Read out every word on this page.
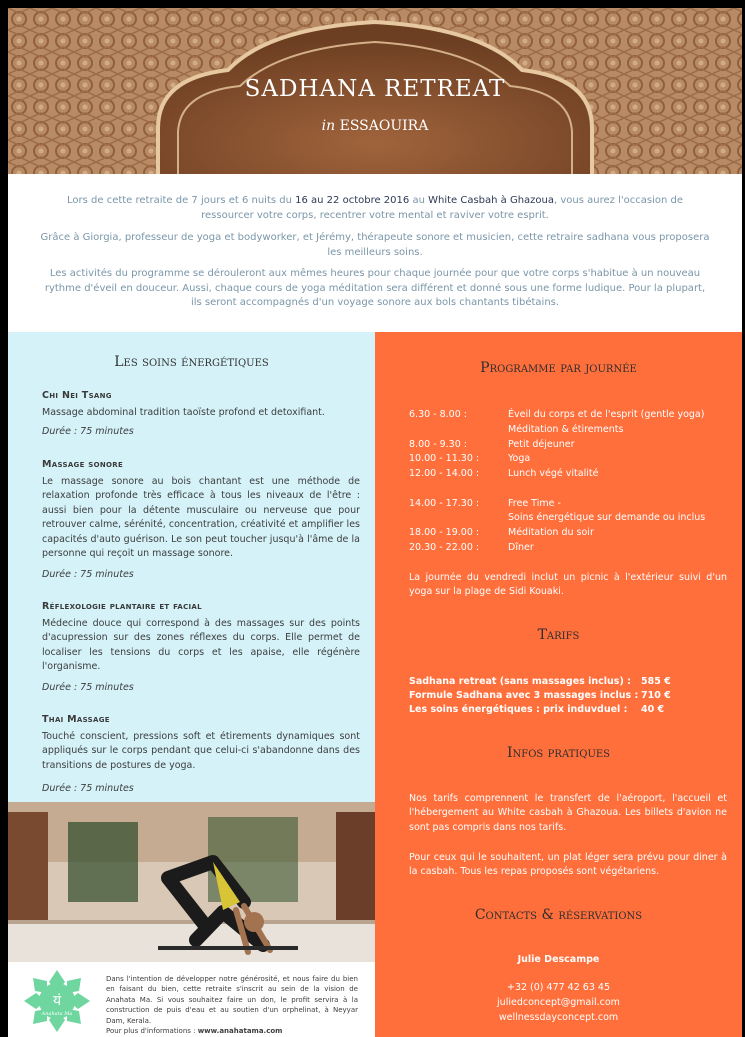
SADHANA RETREAT
in ESSAOUIRA

Lors de cette retraite de 7 jours et 6 nuits du 16 au 22 octobre 2016 au White Casbah à Ghazoua, vous aurez l'occasion de ressourcer votre corps, recentrer votre mental et raviver votre esprit.

Grâce à Giorgia, professeur de yoga et bodyworker, et Jérémy, thérapeute sonore et musicien, cette retraire sadhana vous proposera les meilleurs soins.

Les activités du programme se dérouleront aux mêmes heures pour chaque journée pour que votre corps s'habitue à un nouveau rythme d'éveil en douceur. Aussi, chaque cours de yoga méditation sera différent et donné sous une forme ludique. Pour la plupart, ils seront accompagnés d'un voyage sonore aux bols chantants tibétains.

Les soins énergétiques
Chi Nei Tsang

Massage abdominal tradition taoïste profond et detoxifiant.

Durée : 75 minutes
Massage sonore

Le massage sonore au bois chantant est une méthode de relaxation profonde très efficace à tous les niveaux de l'être : aussi bien pour la détente musculaire ou nerveuse que pour retrouver calme, sérénité, concentration, créativité et amplifier les capacités d'auto guérison. Le son peut toucher jusqu'à l'âme de la personne qui reçoit un massage sonore.

Durée : 75 minutes
Réflexologie plantaire et facial

Médecine douce qui correspond à des massages sur des points d'acupression sur des zones réflexes du corps. Elle permet de localiser les tensions du corps et les apaise, elle régénère l'organisme.

Durée : 75 minutes
Thai Massage

Touché conscient, pressions soft et étirements dynamiques sont appliqués sur le corps pendant que celui-ci s'abandonne dans des transitions de postures de yoga.

Durée : 75 minutes
यं
Anahata Ma

Dans l'intention de développer notre générosité, et nous faire du bien en faisant du bien, cette retraite s'inscrit au sein de la vision de Anahata Ma. Si vous souhaitez faire un don, le profit servira à la construction de puis d'eau et au soutien d'un orphelinat, à Neyyar Dam, Kerala.
Pour plus d'informations : www.anahatama.com

Programme par journée
6.30 - 8.00 :	Éveil du corps et de l'esprit (gentle yoga)
Méditation & étirements
8.00 - 9.30 :	Petit déjeuner
10.00 - 11.30 :	Yoga
12.00 - 14.00 :	Lunch végé vitalité
14.00 - 17.30 :	Free Time -
Soins énergétique sur demande ou inclus
18.00 - 19.00 :	Méditation du soir
20.30 - 22.00 :	Dîner

La journée du vendredi inclut un picnic à l'extérieur suivi d'un yoga sur la plage de Sidi Kouaki.

Tarifs
Sadhana retreat (sans massages inclus) : 585 €
Formule Sadhana avec 3 massages inclus : 710 €
Les soins énergétiques : prix induvduel : 40 €
Infos pratiques

Nos tarifs comprennent le transfert de l'aéroport, l'accueil et l'hébergement au White casbah à Ghazoua. Les billets d'avion ne sont pas compris dans nos tarifs.

Pour ceux qui le souhaitent, un plat léger sera prévu pour diner à la casbah. Tous les repas proposés sont végétariens.

Contacts & réservations
Julie Descampe
+32 (0) 477 42 63 45
juliedconcept@gmail.com
wellnessdayconcept.com
